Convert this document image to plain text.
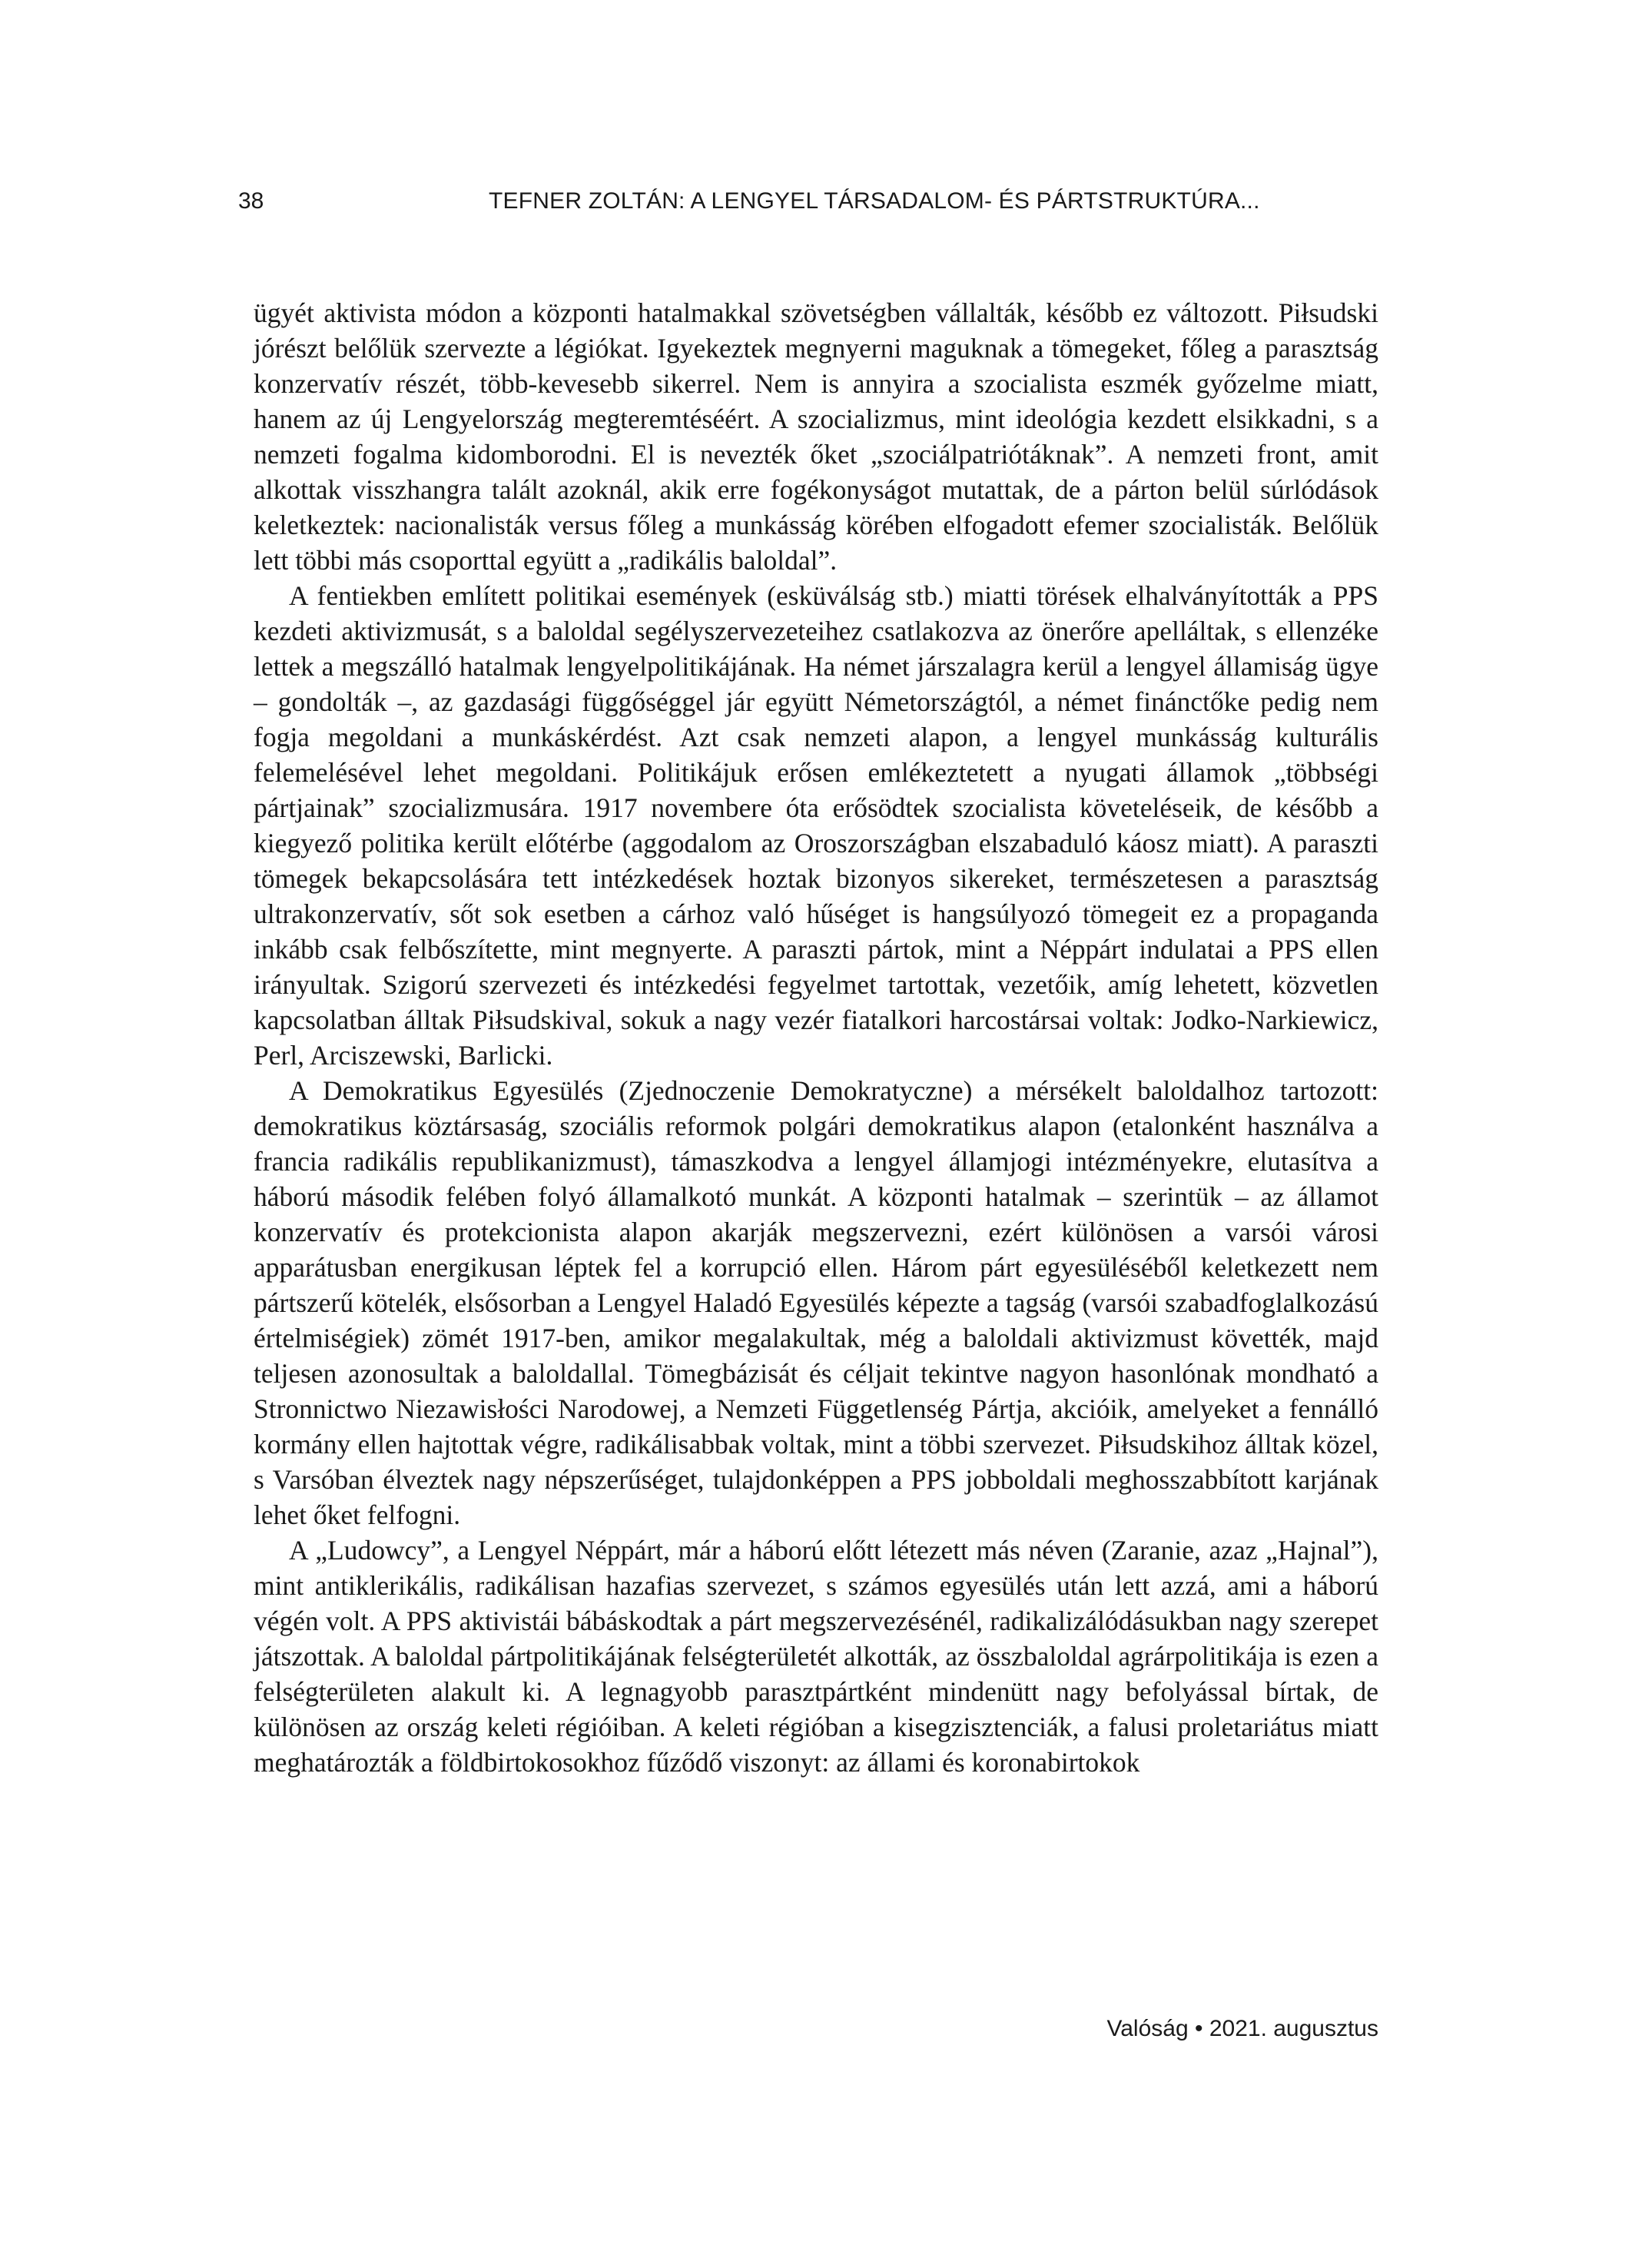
38	TEFNER ZOLTÁN: A LENGYEL TÁRSADALOM- ÉS PÁRTSTRUKTÚRA...

ügyét aktivista módon a központi hatalmakkal szövetségben vállalták, később ez változott. Piłsudski jórészt belőlük szervezte a légiókat. Igyekeztek megnyerni maguknak a tömegeket, főleg a parasztság konzervatív részét, több-kevesebb sikerrel. Nem is annyira a szocialista eszmék győzelme miatt, hanem az új Lengyelország megteremtéséért. A szocializmus, mint ideológia kezdett elsikkadni, s a nemzeti fogalma kidomborodni. El is nevezték őket „szociálpatriótáknak”. A nemzeti front, amit alkottak visszhangra talált azoknál, akik erre fogékonyságot mutattak, de a párton belül súrlódások keletkeztek: nacionalisták versus főleg a munkásság körében elfogadott efemer szocialisták. Belőlük lett többi más csoporttal együtt a „radikális baloldal”.

A fentiekben említett politikai események (esküválság stb.) miatti törések elhalványították a PPS kezdeti aktivizmusát, s a baloldal segélyszervezeteihez csatlakozva az önerőre apelláltak, s ellenzéke lettek a megszálló hatalmak lengyelpolitikájának. Ha német járszalagra kerül a lengyel államiság ügye – gondolták –, az gazdasági függőséggel jár együtt Németországtól, a német finánctőke pedig nem fogja megoldani a munkáskérdést. Azt csak nemzeti alapon, a lengyel munkásság kulturális felemelésével lehet megoldani. Politikájuk erősen emlékeztetett a nyugati államok „többségi pártjainak” szocializmusára. 1917 novembere óta erősödtek szocialista követeléseik, de később a kiegyező politika került előtérbe (aggodalom az Oroszországban elszabaduló káosz miatt). A paraszti tömegek bekapcsolására tett intézkedések hoztak bizonyos sikereket, természetesen a parasztság ultrakonzervatív, sőt sok esetben a cárhoz való hűséget is hangsúlyozó tömegeit ez a propaganda inkább csak felbőszítette, mint megnyerte. A paraszti pártok, mint a Néppárt indulatai a PPS ellen irányultak. Szigorú szervezeti és intézkedési fegyelmet tartottak, vezetőik, amíg lehetett, közvetlen kapcsolatban álltak Piłsudskival, sokuk a nagy vezér fiatalkori harcostársai voltak: Jodko-Narkiewicz, Perl, Arciszewski, Barlicki.

A Demokratikus Egyesülés (Zjednoczenie Demokratyczne) a mérsékelt baloldalhoz tartozott: demokratikus köztársaság, szociális reformok polgári demokratikus alapon (etalonként használva a francia radikális republikanizmust), támaszkodva a lengyel államjogi intézményekre, elutasítva a háború második felében folyó államalkotó munkát. A központi hatalmak – szerintük – az államot konzervatív és protekcionista alapon akarják megszervezni, ezért különösen a varsói városi apparátusban energikusan léptek fel a korrupció ellen. Három párt egyesüléséből keletkezett nem pártszerű kötelék, elsősorban a Lengyel Haladó Egyesülés képezte a tagság (varsói szabadfoglalkozású értelmiségiek) zömét 1917-ben, amikor megalakultak, még a baloldali aktivizmust követték, majd teljesen azonosultak a baloldallal. Tömegbázisát és céljait tekintve nagyon hasonlónak mondható a Stronnictwo Niezawisłości Narodowej, a Nemzeti Függetlenség Pártja, akcióik, amelyeket a fennálló kormány ellen hajtottak végre, radikálisabbak voltak, mint a többi szervezet. Piłsudskihoz álltak közel, s Varsóban élveztek nagy népszerűséget, tulajdonképpen a PPS jobboldali meghosszabbított karjának lehet őket felfogni.

A „Ludowcy”, a Lengyel Néppárt, már a háború előtt létezett más néven (Zaranie, azaz „Hajnal”), mint antiklerikális, radikálisan hazafias szervezet, s számos egyesülés után lett azzá, ami a háború végén volt. A PPS aktivistái bábáskodtak a párt megszervezésénél, radikalizálódásukban nagy szerepet játszottak. A baloldal pártpolitikájának felségterületét alkották, az összbaloldal agrárpolitikája is ezen a felségterületen alakult ki. A legnagyobb parasztpártként mindenütt nagy befolyással bírtak, de különösen az ország keleti régióiban. A keleti régióban a kisegzisztenciák, a falusi proletariátus miatt meghatározták a földbirtokosokhoz fűződő viszonyt: az állami és koronabirtokok

Valóság • 2021. augusztus
